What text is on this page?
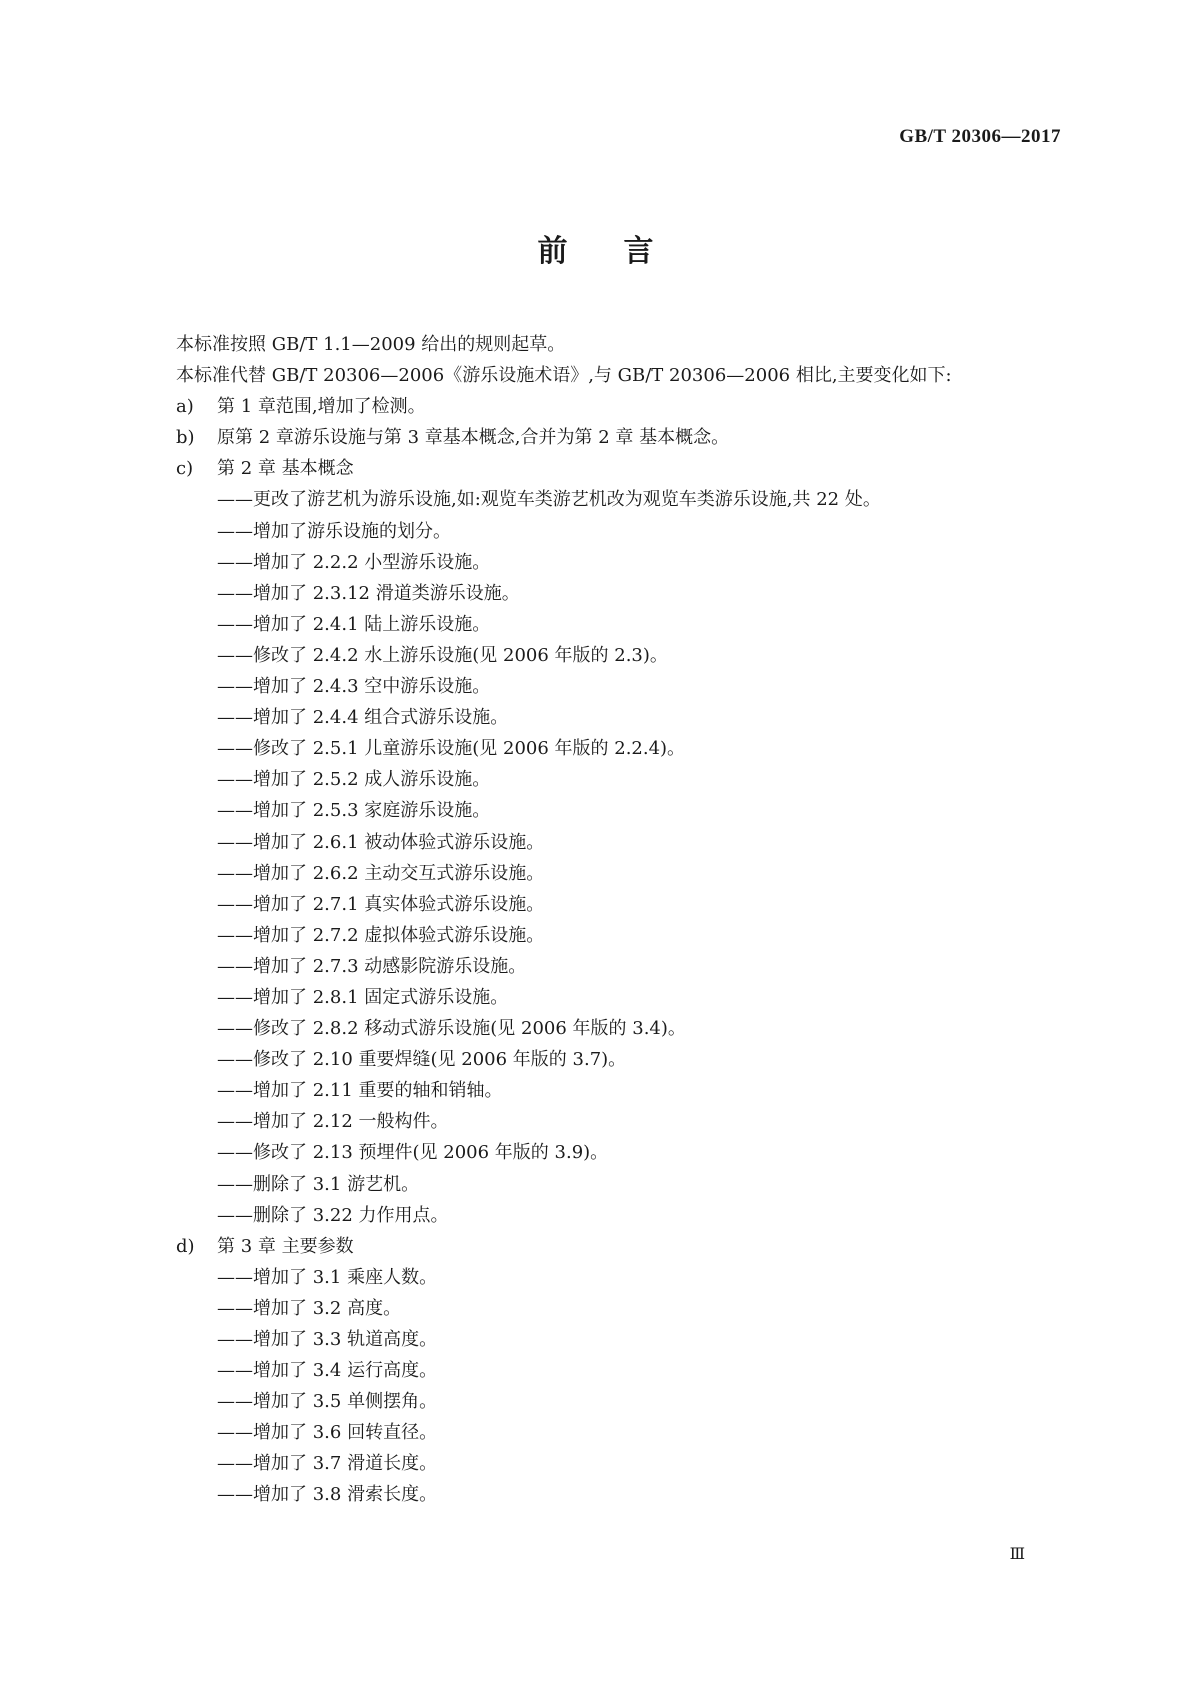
GB/T 20306—2017
前言
本标准按照 GB/T 1.1—2009 给出的规则起草。
本标准代替 GB/T 20306—2006《游乐设施术语》,与 GB/T 20306—2006 相比,主要变化如下:
a) 第 1 章范围,增加了检测。
b) 原第 2 章游乐设施与第 3 章基本概念,合并为第 2 章 基本概念。
c) 第 2 章 基本概念
——更改了游艺机为游乐设施,如:观览车类游艺机改为观览车类游乐设施,共 22 处。
——增加了游乐设施的划分。
——增加了 2.2.2 小型游乐设施。
——增加了 2.3.12 滑道类游乐设施。
——增加了 2.4.1 陆上游乐设施。
——修改了 2.4.2 水上游乐设施(见 2006 年版的 2.3)。
——增加了 2.4.3 空中游乐设施。
——增加了 2.4.4 组合式游乐设施。
——修改了 2.5.1 儿童游乐设施(见 2006 年版的 2.2.4)。
——增加了 2.5.2 成人游乐设施。
——增加了 2.5.3 家庭游乐设施。
——增加了 2.6.1 被动体验式游乐设施。
——增加了 2.6.2 主动交互式游乐设施。
——增加了 2.7.1 真实体验式游乐设施。
——增加了 2.7.2 虚拟体验式游乐设施。
——增加了 2.7.3 动感影院游乐设施。
——增加了 2.8.1 固定式游乐设施。
——修改了 2.8.2 移动式游乐设施(见 2006 年版的 3.4)。
——修改了 2.10 重要焊缝(见 2006 年版的 3.7)。
——增加了 2.11 重要的轴和销轴。
——增加了 2.12 一般构件。
——修改了 2.13 预埋件(见 2006 年版的 3.9)。
——删除了 3.1 游艺机。
——删除了 3.22 力作用点。
d) 第 3 章 主要参数
——增加了 3.1 乘座人数。
——增加了 3.2 高度。
——增加了 3.3 轨道高度。
——增加了 3.4 运行高度。
——增加了 3.5 单侧摆角。
——增加了 3.6 回转直径。
——增加了 3.7 滑道长度。
——增加了 3.8 滑索长度。
Ⅲ
